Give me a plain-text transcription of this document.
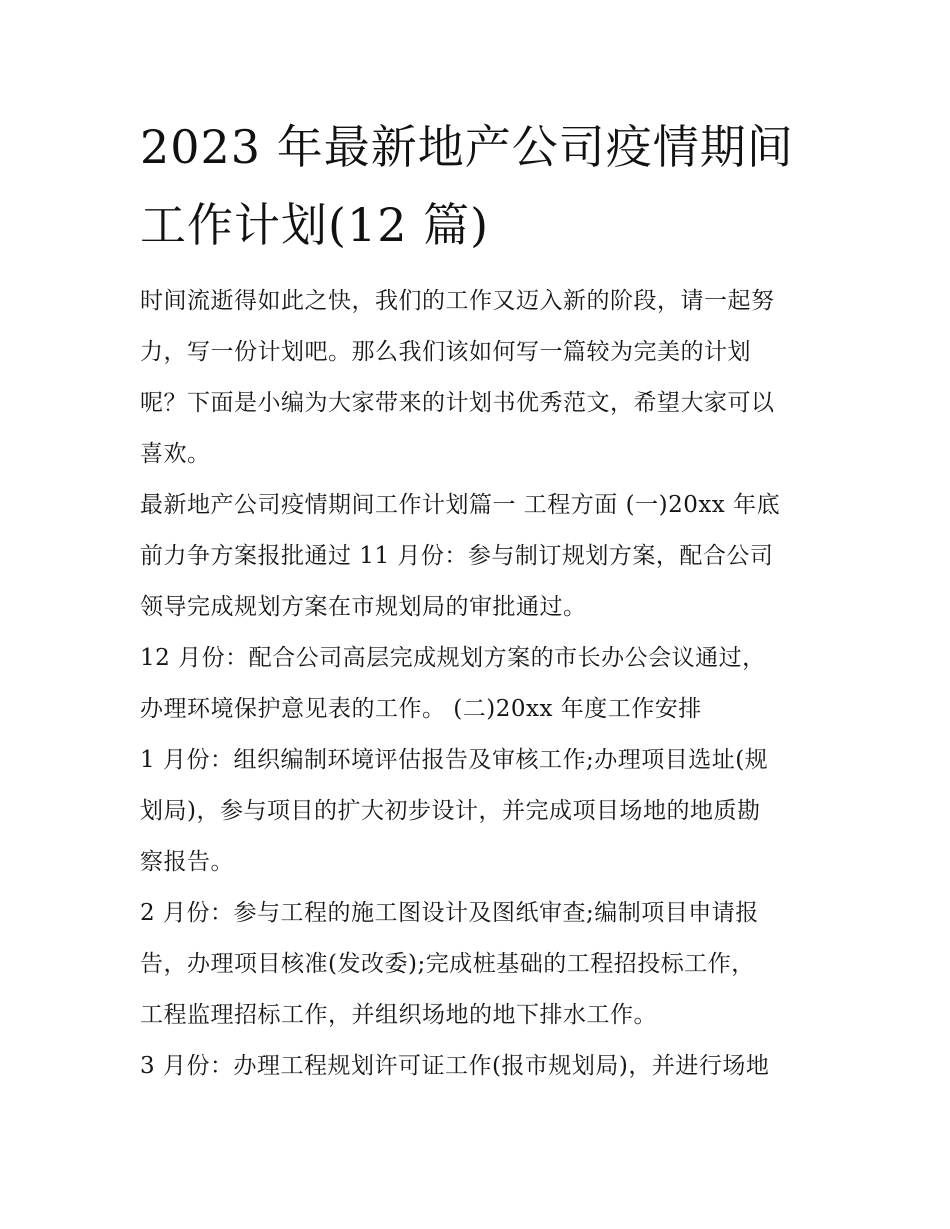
2023 年最新地产公司疫情期间
工作计划(12 篇)

时间流逝得如此之快，我们的工作又迈入新的阶段，请一起努
力，写一份计划吧。那么我们该如何写一篇较为完美的计划
呢？下面是小编为大家带来的计划书优秀范文，希望大家可以
喜欢。

最新地产公司疫情期间工作计划篇一 工程方面 (一)20xx 年底
前力争方案报批通过 11 月份：参与制订规划方案，配合公司
领导完成规划方案在市规划局的审批通过。

12 月份：配合公司高层完成规划方案的市长办公会议通过，
办理环境保护意见表的工作。 (二)20xx 年度工作安排

1 月份：组织编制环境评估报告及审核工作;办理项目选址(规
划局)，参与项目的扩大初步设计，并完成项目场地的地质勘
察报告。

2 月份：参与工程的施工图设计及图纸审查;编制项目申请报
告，办理项目核准(发改委);完成桩基础的工程招投标工作，
工程监理招标工作，并组织场地的地下排水工作。

3 月份：办理工程规划许可证工作(报市规划局)，并进行场地
